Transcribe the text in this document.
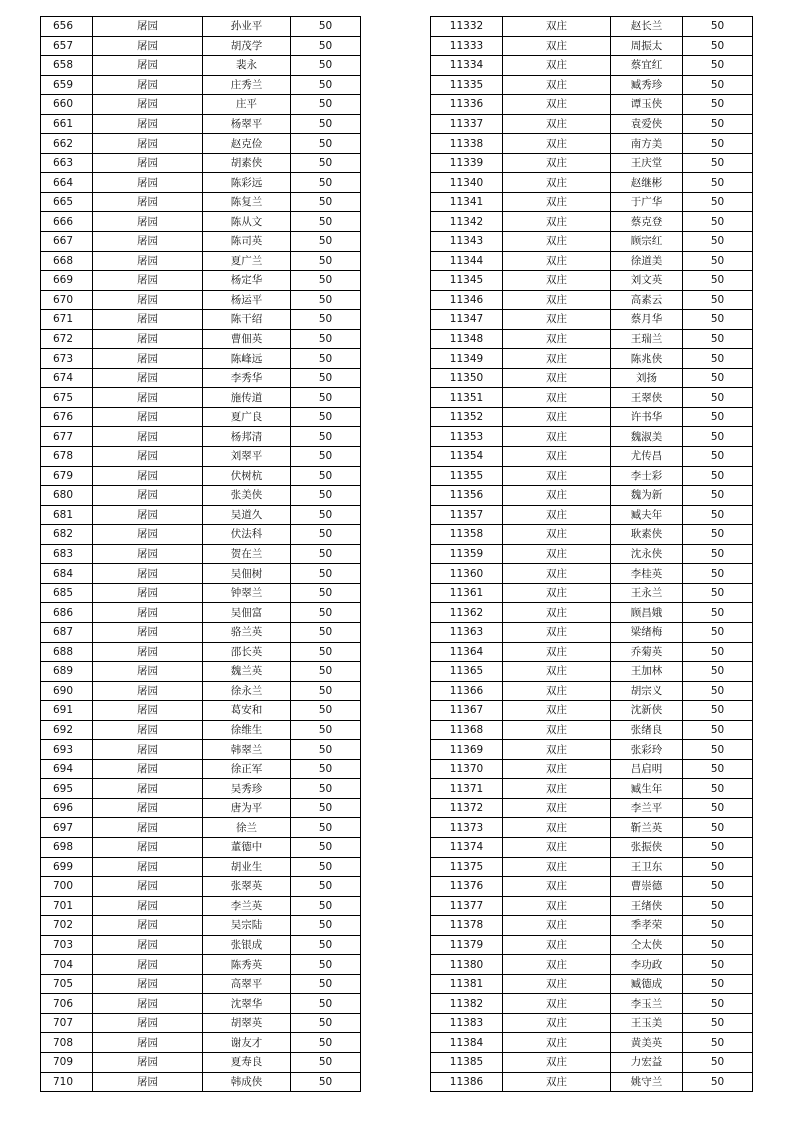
656	屠园	孙业平	50
657	屠园	胡茂学	50
658	屠园	裴永	50
659	屠园	庄秀兰	50
660	屠园	庄平	50
661	屠园	杨翠平	50
662	屠园	赵克俭	50
663	屠园	胡素侠	50
664	屠园	陈彩远	50
665	屠园	陈复兰	50
666	屠园	陈从文	50
667	屠园	陈司英	50
668	屠园	夏广兰	50
669	屠园	杨定华	50
670	屠园	杨运平	50
671	屠园	陈干绍	50
672	屠园	曹佃英	50
673	屠园	陈峰远	50
674	屠园	李秀华	50
675	屠园	施传道	50
676	屠园	夏广良	50
677	屠园	杨邦清	50
678	屠园	刘翠平	50
679	屠园	伏树杭	50
680	屠园	张美侠	50
681	屠园	吴道久	50
682	屠园	伏法科	50
683	屠园	贺在兰	50
684	屠园	吴佃树	50
685	屠园	钟翠兰	50
686	屠园	吴佃富	50
687	屠园	骆兰英	50
688	屠园	邵长英	50
689	屠园	魏兰英	50
690	屠园	徐永兰	50
691	屠园	葛安和	50
692	屠园	徐维生	50
693	屠园	韩翠兰	50
694	屠园	徐正军	50
695	屠园	吴秀珍	50
696	屠园	唐为平	50
697	屠园	徐兰	50
698	屠园	董德中	50
699	屠园	胡业生	50
700	屠园	张翠英	50
701	屠园	李兰英	50
702	屠园	吴宗陆	50
703	屠园	张银成	50
704	屠园	陈秀英	50
705	屠园	高翠平	50
706	屠园	沈翠华	50
707	屠园	胡翠英	50
708	屠园	谢友才	50
709	屠园	夏寿良	50
710	屠园	韩成侠	50
11332	双庄	赵长兰	50
11333	双庄	周振太	50
11334	双庄	蔡宜红	50
11335	双庄	臧秀珍	50
11336	双庄	谭玉侠	50
11337	双庄	袁爱侠	50
11338	双庄	南方美	50
11339	双庄	王庆堂	50
11340	双庄	赵继彬	50
11341	双庄	于广华	50
11342	双庄	蔡克登	50
11343	双庄	顾宗红	50
11344	双庄	徐道美	50
11345	双庄	刘文英	50
11346	双庄	高素云	50
11347	双庄	蔡月华	50
11348	双庄	王瑞兰	50
11349	双庄	陈兆侠	50
11350	双庄	刘扬	50
11351	双庄	王翠侠	50
11352	双庄	许书华	50
11353	双庄	魏淑美	50
11354	双庄	尤传昌	50
11355	双庄	李士彩	50
11356	双庄	魏为新	50
11357	双庄	臧夫年	50
11358	双庄	耿素侠	50
11359	双庄	沈永侠	50
11360	双庄	李桂英	50
11361	双庄	王永兰	50
11362	双庄	顾昌娥	50
11363	双庄	梁绪梅	50
11364	双庄	乔菊英	50
11365	双庄	王加林	50
11366	双庄	胡宗义	50
11367	双庄	沈新侠	50
11368	双庄	张绪良	50
11369	双庄	张彩玲	50
11370	双庄	吕启明	50
11371	双庄	臧生年	50
11372	双庄	李兰平	50
11373	双庄	靳兰英	50
11374	双庄	张振侠	50
11375	双庄	王卫东	50
11376	双庄	曹崇德	50
11377	双庄	王绪侠	50
11378	双庄	季孝荣	50
11379	双庄	仝太侠	50
11380	双庄	李功政	50
11381	双庄	臧德成	50
11382	双庄	李玉兰	50
11383	双庄	王玉美	50
11384	双庄	黄美英	50
11385	双庄	力宏益	50
11386	双庄	姚守兰	50
